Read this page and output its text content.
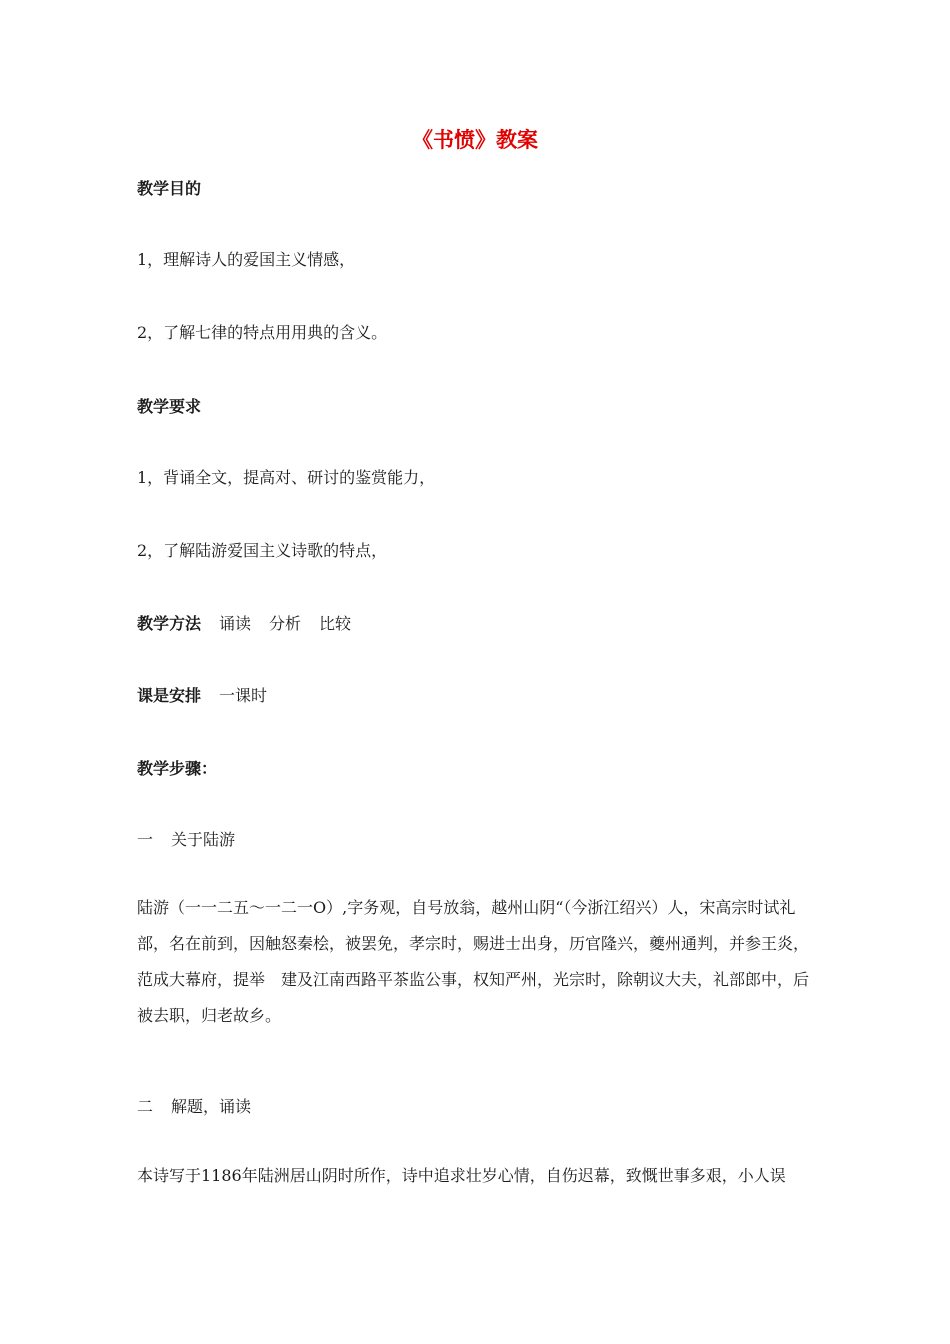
《书愤》教案

教学目的

1，理解诗人的爱国主义情感，

2，了解七律的特点用用典的含义。

教学要求

1，背诵全文，提高对、研讨的鉴赏能力，

2，了解陆游爱国主义诗歌的特点，

教学方法 诵读 分析 比较

课是安排 一课时

教学步骤：

一 关于陆游

陆游（一一二五～一二一O）,字务观，自号放翁，越州山阴“（今浙江绍兴）人，宋高宗时试礼部，名在前到，因触怒秦桧，被罢免，孝宗时，赐进士出身，历官隆兴，夔州通判，并参王炎，范成大幕府，提举　建及江南西路平茶监公事，权知严州，光宗时，除朝议大夫，礼部郎中，后被去职，归老故乡。

二 解题，诵读

本诗写于1186年陆洲居山阴时所作，诗中追求壮岁心情，自伤迟幕，致慨世事多艰，小人误
